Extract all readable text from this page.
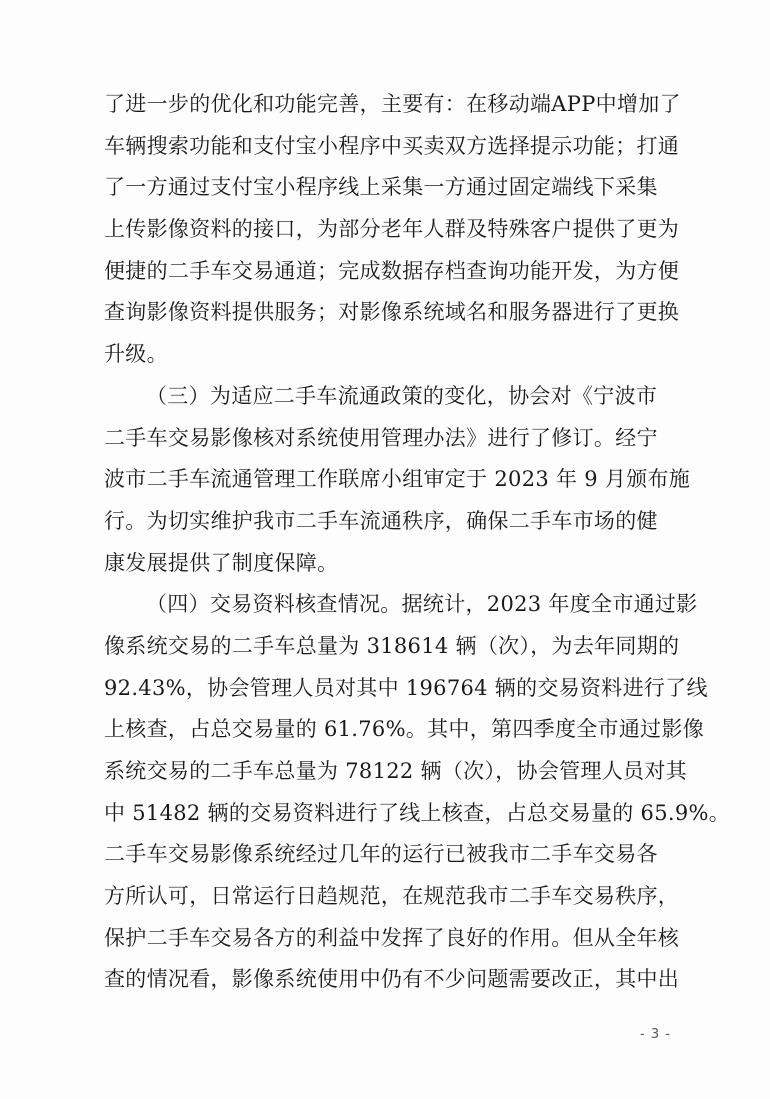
了进一步的优化和功能完善，主要有：在移动端APP中增加了
车辆搜索功能和支付宝小程序中买卖双方选择提示功能；打通
了一方通过支付宝小程序线上采集一方通过固定端线下采集
上传影像资料的接口，为部分老年人群及特殊客户提供了更为
便捷的二手车交易通道；完成数据存档查询功能开发，为方便
查询影像资料提供服务；对影像系统域名和服务器进行了更换
升级。
（三）为适应二手车流通政策的变化，协会对《宁波市
二手车交易影像核对系统使用管理办法》进行了修订。经宁
波市二手车流通管理工作联席小组审定于 2023 年 9 月颁布施
行。为切实维护我市二手车流通秩序，确保二手车市场的健
康发展提供了制度保障。
（四）交易资料核查情况。据统计，2023 年度全市通过影
像系统交易的二手车总量为 318614 辆（次），为去年同期的
92.43%，协会管理人员对其中 196764 辆的交易资料进行了线
上核查，占总交易量的 61.76%。其中，第四季度全市通过影像
系统交易的二手车总量为 78122 辆（次），协会管理人员对其
中 51482 辆的交易资料进行了线上核查，占总交易量的 65.9%。
二手车交易影像系统经过几年的运行已被我市二手车交易各
方所认可，日常运行日趋规范，在规范我市二手车交易秩序，
保护二手车交易各方的利益中发挥了良好的作用。但从全年核
查的情况看，影像系统使用中仍有不少问题需要改正，其中出
- 3 -
